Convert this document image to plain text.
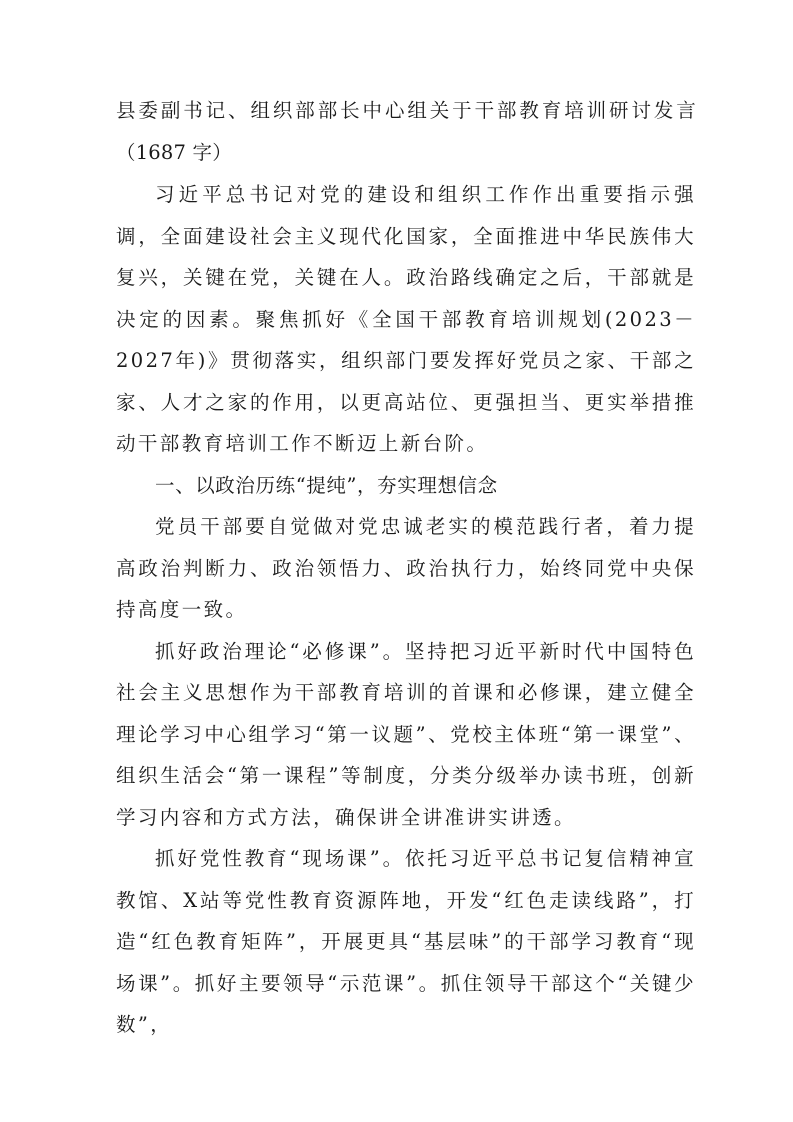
县委副书记、组织部部长中心组关于干部教育培训研讨发言（1687 字）

习近平总书记对党的建设和组织工作作出重要指示强调，全面建设社会主义现代化国家，全面推进中华民族伟大复兴，关键在党，关键在人。政治路线确定之后，干部就是决定的因素。聚焦抓好《全国干部教育培训规划(2023－2027年)》贯彻落实，组织部门要发挥好党员之家、干部之家、人才之家的作用，以更高站位、更强担当、更实举措推动干部教育培训工作不断迈上新台阶。

一、以政治历练“提纯”，夯实理想信念

党员干部要自觉做对党忠诚老实的模范践行者，着力提高政治判断力、政治领悟力、政治执行力，始终同党中央保持高度一致。

抓好政治理论“必修课”。坚持把习近平新时代中国特色社会主义思想作为干部教育培训的首课和必修课，建立健全理论学习中心组学习“第一议题”、党校主体班“第一课堂”、组织生活会“第一课程”等制度，分类分级举办读书班，创新学习内容和方式方法，确保讲全讲准讲实讲透。

抓好党性教育“现场课”。依托习近平总书记复信精神宣教馆、X站等党性教育资源阵地，开发“红色走读线路”，打造“红色教育矩阵”，开展更具“基层味”的干部学习教育“现场课”。抓好主要领导“示范课”。抓住领导干部这个“关键少数”，
